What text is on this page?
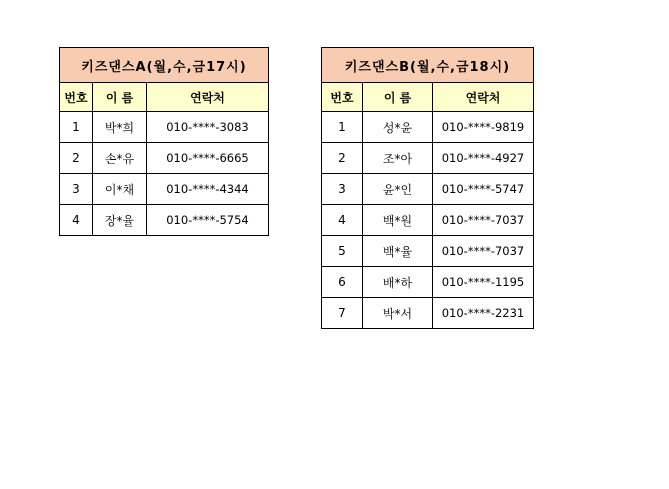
키즈댄스A(월,수,금17시)		
번호	이 름	연락처
1	박*희	010-****-3083
2	손*유	010-****-6665
3	이*채	010-****-4344
4	장*율	010-****-5754
키즈댄스B(월,수,금18시)		
번호	이 름	연락처
1	성*윤	010-****-9819
2	조*아	010-****-4927
3	윤*인	010-****-5747
4	백*원	010-****-7037
5	백*율	010-****-7037
6	배*하	010-****-1195
7	박*서	010-****-2231
